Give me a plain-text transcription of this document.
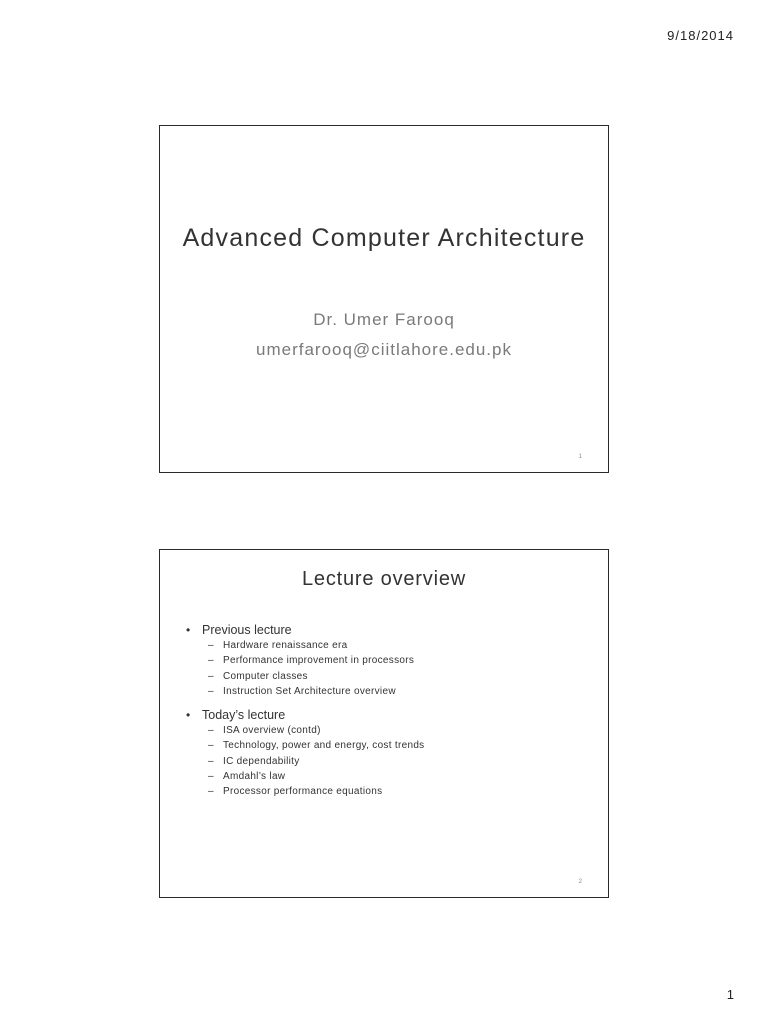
9/18/2014
Advanced Computer Architecture
Dr. Umer Farooq
umerfarooq@ciitlahore.edu.pk
1
Lecture overview
• Previous lecture
– Hardware renaissance era
– Performance improvement in processors
– Computer classes
– Instruction Set Architecture overview
• Today’s lecture
– ISA overview (contd)
– Technology, power and energy, cost trends
– IC dependability
– Amdahl’s law
– Processor performance equations
2
1
